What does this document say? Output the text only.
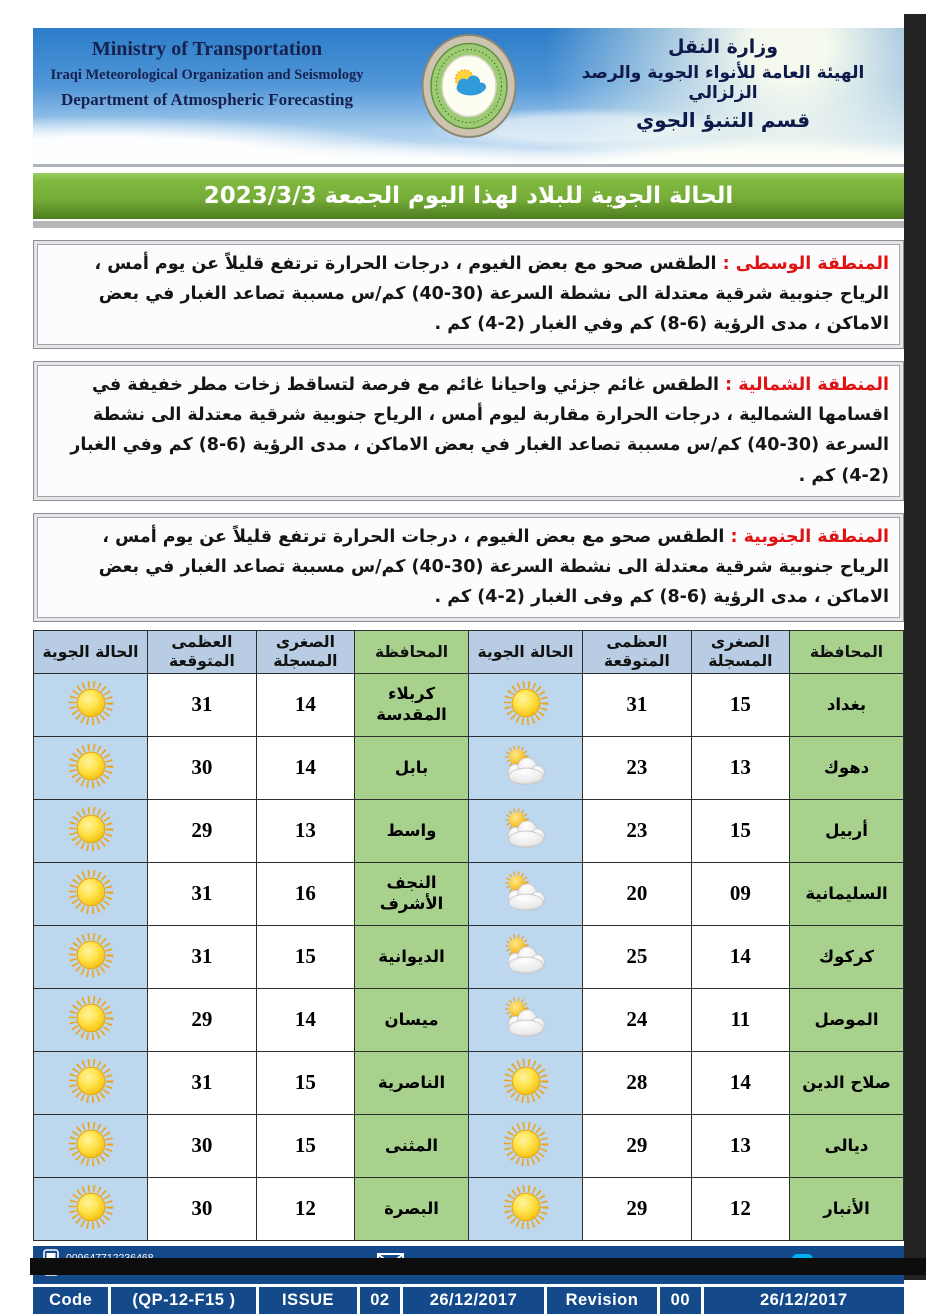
Ministry of Transportation
Iraqi Meteorological Organization and Seismology
Department of Atmospheric Forecasting
وزارة النقل
الهيئة العامة للأنواء الجوية والرصد الزلزالي
قسم التنبؤ الجوي
الحالة الجوية للبلاد لهذا اليوم الجمعة 2023/3/3
المنطقة الوسطى : الطقس صحو مع بعض الغيوم ، درجات الحرارة ترتفع قليلاً عن يوم أمس ، الرياح جنوبية شرقية معتدلة الى نشطة السرعة (30-40) كم/س مسببة تصاعد الغبار في بعض الاماكن ، مدى الرؤية (6-8) كم وفي الغبار (2-4) كم .
المنطقة الشمالية : الطقس غائم جزئي واحيانا غائم مع فرصة لتساقط زخات مطر خفيفة في اقسامها الشمالية ، درجات الحرارة مقاربة ليوم أمس ، الرياح جنوبية شرقية معتدلة الى نشطة السرعة (30-40) كم/س مسببة تصاعد الغبار في بعض الاماكن ، مدى الرؤية (6-8) كم وفي الغبار (2-4) كم .
المنطقة الجنوبية : الطقس صحو مع بعض الغيوم ، درجات الحرارة ترتفع قليلاً عن يوم أمس ، الرياح جنوبية شرقية معتدلة الى نشطة السرعة (30-40) كم/س مسببة تصاعد الغبار في بعض الاماكن ، مدى الرؤية (6-8) كم وفى الغبار (2-4) كم .
المحافظة	الصغرى المسجلة	العظمى المتوقعة	الحالة الجوية	المحافظة	الصغرى المسجلة	العظمى المتوقعة	الحالة الجوية
بغداد	15	31		كربلاء المقدسة	14	31	
دهوك	13	23		بابل	14	30	
أربيل	15	23		واسط	13	29	
السليمانية	09	20		النجف الأشرف	16	31	
كركوك	14	25		الديوانية	15	31	
الموصل	11	24		ميسان	14	29	
صلاح الدين	14	28		الناصرية	15	31	
ديالى	13	29		المثنى	15	30	
الأنبار	12	29		البصرة	12	30	
Code	(QP-12-F15 )	ISSUE	02	26/12/2017	Revision	00	26/12/2017
